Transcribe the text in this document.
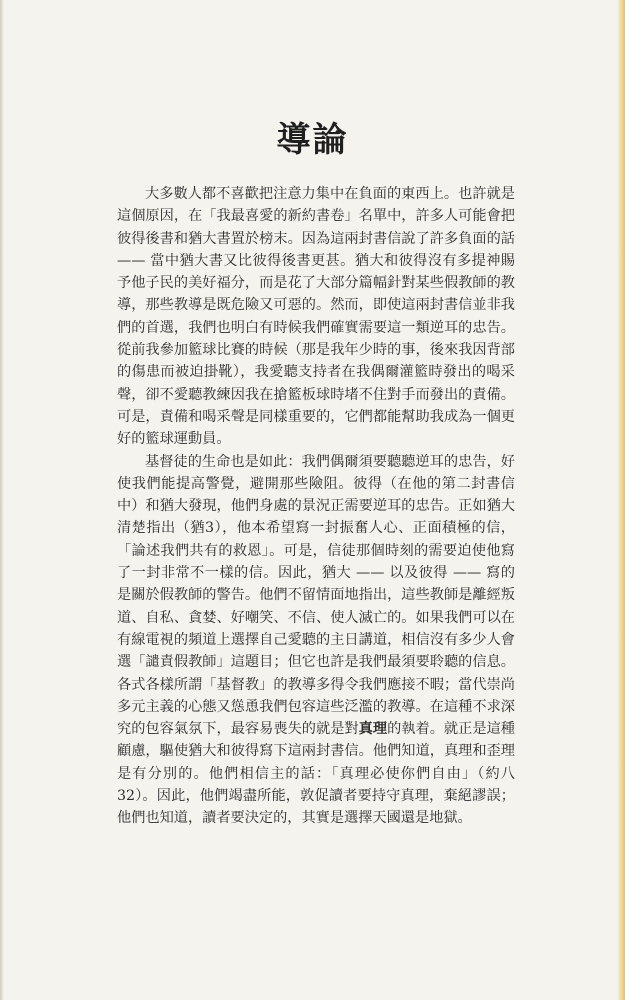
導論

大多數人都不喜歡把注意力集中在負面的東西上。也許就是這個原因，在「我最喜愛的新約書卷」名單中，許多人可能會把彼得後書和猶大書置於榜末。因為這兩封書信說了許多負面的話 —— 當中猶大書又比彼得後書更甚。猶大和彼得沒有多提神賜予他子民的美好福分，而是花了大部分篇幅針對某些假教師的教導，那些教導是既危險又可惡的。然而，即使這兩封書信並非我們的首選，我們也明白有時候我們確實需要這一類逆耳的忠告。從前我參加籃球比賽的時候（那是我年少時的事，後來我因背部的傷患而被迫掛靴），我愛聽支持者在我偶爾灌籃時發出的喝采聲，卻不愛聽教練因我在搶籃板球時堵不住對手而發出的責備。可是，責備和喝采聲是同樣重要的，它們都能幫助我成為一個更好的籃球運動員。

基督徒的生命也是如此：我們偶爾須要聽聽逆耳的忠告，好使我們能提高警覺，避開那些險阻。彼得（在他的第二封書信中）和猶大發現，他們身處的景況正需要逆耳的忠告。正如猶大清楚指出（猶3），他本希望寫一封振奮人心、正面積極的信，「論述我們共有的救恩」。可是，信徒那個時刻的需要迫使他寫了一封非常不一樣的信。因此，猶大 —— 以及彼得 —— 寫的是關於假教師的警告。他們不留情面地指出，這些教師是離經叛道、自私、貪婪、好嘲笑、不信、使人滅亡的。如果我們可以在有線電視的頻道上選擇自己愛聽的主日講道，相信沒有多少人會選「譴責假教師」這題目；但它也許是我們最須要聆聽的信息。各式各樣所謂「基督教」的教導多得令我們應接不暇；當代崇尚多元主義的心態又慫恿我們包容這些泛濫的教導。在這種不求深究的包容氣氛下，最容易喪失的就是對真理的執着。就正是這種顧慮，驅使猶大和彼得寫下這兩封書信。他們知道，真理和歪理是有分別的。他們相信主的話：「真理必使你們自由」（約八32）。因此，他們竭盡所能，敦促讀者要持守真理，棄絕謬誤；他們也知道，讀者要決定的，其實是選擇天國還是地獄。
